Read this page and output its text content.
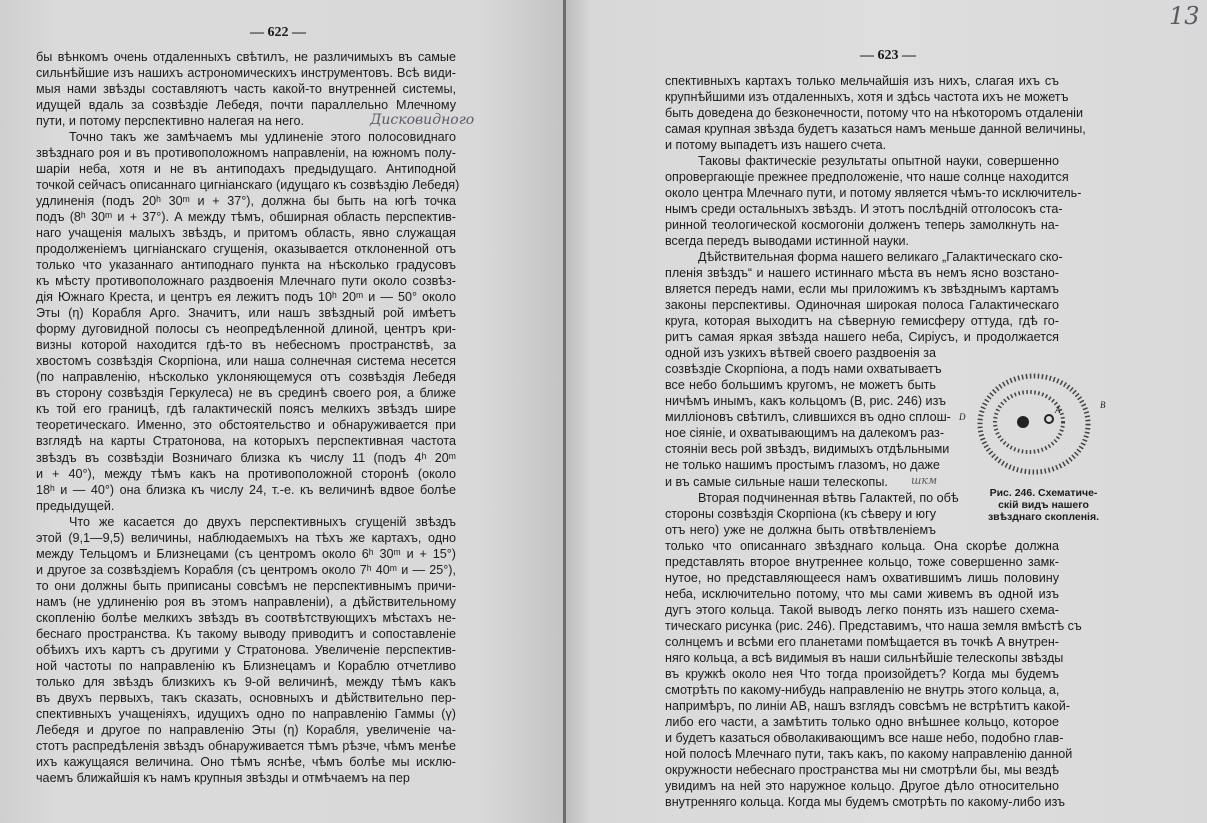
— 622 —
бы вѣнкомъ очень отдаленныхъ свѣтилъ, не различимыхъ въ самые
сильнѣйшие изъ нашихъ астрономическихъ инструментовъ. Всѣ види-
мыя нами звѣзды составляютъ часть какой-то внутренней системы,
идущей вдаль за созвѣздіе Лебедя, почти параллельно Млечному
пути, и потому перспективно налегая на него.
Точно такъ же замѣчаемъ мы удлиненіе этого полосовиднаго
звѣзднаго роя и въ противоположномъ направленіи, на южномъ полу-
шаріи неба, хотя и не въ антиподахъ предыдущаго. Антиподной
точкой сейчасъ описаннаго цигніанскаго (идущаго къ созвѣздію Лебедя)
удлиненія (подъ 20ʰ 30ᵐ и + 37°), должна бы быть на югѣ точка
подъ (8ʰ 30ᵐ и + 37°). А между тѣмъ, обширная область перспектив-
наго учащенія малыхъ звѣздъ, и притомъ область, явно служащая
продолженіемъ цигніанскаго сгущенія, оказывается отклоненной отъ
только что указаннаго антиподнаго пункта на нѣсколько градусовъ
къ мѣсту противоположнаго раздвоенія Млечнаго пути около созвѣз-
дія Южнаго Креста, и центръ ея лежитъ подъ 10ʰ 20ᵐ и — 50° около
Эты (η) Корабля Арго. Значитъ, или нашъ звѣздный рой имѣетъ
форму дуговидной полосы съ неопредѣленной длиной, центръ кри-
визны которой находится гдѣ-то въ небесномъ пространствѣ, за
хвостомъ созвѣздія Скорпіона, или наша солнечная система несется
(по направленію, нѣсколько уклоняющемуся отъ созвѣздія Лебедя
въ сторону созвѣздія Геркулеса) не въ срединѣ своего роя, а ближе
къ той его границѣ, гдѣ галактическій поясъ мелкихъ звѣздъ шире
теоретическаго. Именно, это обстоятельство и обнаруживается при
взглядѣ на карты Стратонова, на которыхъ перспективная частота
звѣздъ въ созвѣздіи Возничаго близка къ числу 11 (подъ 4ʰ 20ᵐ
и + 40°), между тѣмъ какъ на противоположной сторонѣ (около
18ʰ и — 40°) она близка къ числу 24, т.-е. къ величинѣ вдвое болѣе
предыдущей.
Что же касается до двухъ перспективныхъ сгущеній звѣздъ
этой (9,1—9,5) величины, наблюдаемыхъ на тѣхъ же картахъ, одно
между Тельцомъ и Близнецами (съ центромъ около 6ʰ 30ᵐ и + 15°)
и другое за созвѣздіемъ Корабля (съ центромъ около 7ʰ 40ᵐ и — 25°),
то они должны быть приписаны совсѣмъ не перспективнымъ причи-
намъ (не удлиненію роя въ этомъ направленіи), а дѣйствительному
скопленію болѣе мелкихъ звѣздъ въ соотвѣтствующихъ мѣстахъ не-
беснаго пространства. Къ такому выводу приводитъ и сопоставленіе
обѣихъ ихъ картъ съ другими у Стратонова. Увеличеніе перспектив-
ной частоты по направленію къ Близнецамъ и Кораблю отчетливо
только для звѣздъ близкихъ къ 9-ой величинѣ, между тѣмъ какъ
въ двухъ первыхъ, такъ сказать, основныхъ и дѣйствительно пер-
спективныхъ учащеніяхъ, идущихъ одно по направленію Гаммы (γ)
Лебедя и другое по направленію Эты (η) Корабля, увеличеніе ча-
стотъ распредѣленія звѣздъ обнаруживается тѣмъ рѣзче, чѣмъ менѣе
ихъ кажущаяся величина. Оно тѣмъ яснѣе, чѣмъ болѣе мы исклю-
чаемъ ближайшія къ намъ крупныя звѣзды и отмѣчаемъ на пер
Дисковидного
— 623 —
спективныхъ картахъ только мельчайшія изъ нихъ, слагая ихъ съ
крупнѣйшими изъ отдаленныхъ, хотя и здѣсь частота ихъ не можетъ
быть доведена до безконечности, потому что на нѣкоторомъ отдаленіи
самая крупная звѣзда будетъ казаться намъ меньше данной величины,
и потому выпадетъ изъ нашего счета.
Таковы фактическіе результаты опытной науки, совершенно
опровергающіе прежнее предположеніе, что наше солнце находится
около центра Млечнаго пути, и потому является чѣмъ-то исключитель-
нымъ среди остальныхъ звѣздъ. И этотъ послѣдній отголосокъ ста-
ринной теологической космогоніи долженъ теперь замолкнуть на-
всегда передъ выводами истинной науки.
Дѣйствительная форма нашего великаго „Галактическаго ско-
пленія звѣздъ“ и нашего истиннаго мѣста въ немъ ясно возстано-
вляется передъ нами, если мы приложимъ къ звѣзднымъ картамъ
законы перспективы. Одиночная широкая полоса Галактическаго
круга, которая выходитъ на сѣверную гемисферу оттуда, гдѣ го-
ритъ самая яркая звѣзда нашего неба, Сиріусъ, и продолжается
одной изъ узкихъ вѣтвей своего раздвоенія за
созвѣздіе Скорпіона, а подъ нами охватываетъ
все небо большимъ кругомъ, не можетъ быть
ничѣмъ инымъ, какъ кольцомъ (B, рис. 246) изъ
милліоновъ свѣтилъ, слившихся въ одно сплош-
ное сіяніе, и охватывающимъ на далекомъ раз-
стояніи весь рой звѣздъ, видимыхъ отдѣльными
не только нашимъ простымъ глазомъ, но даже
и въ самые сильные наши телескопы.
Вторая подчиненная вѣтвь Галактей, по обѣ
стороны созвѣздія Скорпіона (къ сѣверу и югу
отъ него) уже не должна быть отвѣтвленіемъ
только что описаннаго звѣзднаго кольца. Она скорѣе должна
представлять второе внутреннее кольцо, тоже совершенно замк-
нутое, но представляющееся намъ охватившимъ лишь половину
неба, исключительно потому, что мы сами живемъ въ одной изъ
дугъ этого кольца. Такой выводъ легко понять изъ нашего схема-
тическаго рисунка (рис. 246). Представимъ, что наша земля вмѣстѣ съ
солнцемъ и всѣми его планетами помѣщается въ точкѣ A внутрен-
няго кольца, а всѣ видимыя въ наши сильнѣйшіе телескопы звѣзды
въ кружкѣ около нея Что тогда произойдетъ? Когда мы будемъ
смотрѣть по какому-нибудь направленію не внутрь этого кольца, а,
напримѣръ, по линіи AB, нашъ взглядъ совсѣмъ не встрѣтитъ какой-
либо его части, а замѣтить только одно внѣшнее кольцо, которое
и будетъ казаться обволакивающимъ все наше небо, подобно глав-
ной полосѣ Млечнаго пути, такъ какъ, по какому направленію данной
окружности небеснаго пространства мы ни смотрѣли бы, мы вездѣ
увидимъ на ней это наружное кольцо. Другое дѣло относительно
внутренняго кольца. Когда мы будемъ смотрѣть по какому-либо изъ
D
B
A
Рис. 246. Схематиче-
скій видъ нашего
звѣзднаго скопленія.
шкм
13
